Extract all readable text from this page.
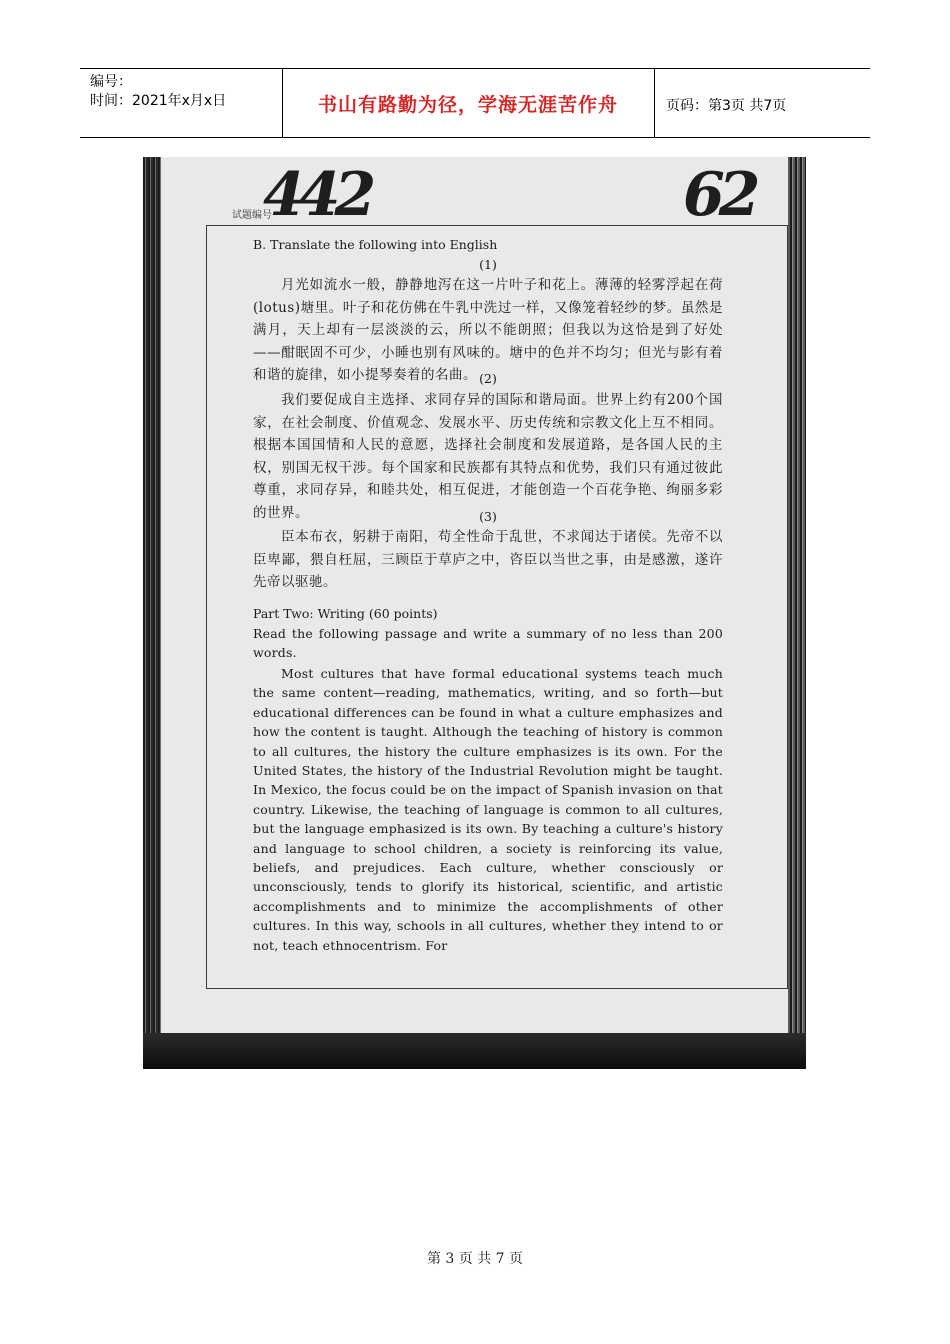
编号：
时间：2021年x月x日	书山有路勤为径，学海无涯苦作舟	页码：第3页 共7页
试题编号
442	62
B. Translate the following into English
(1)
月光如流水一般，静静地泻在这一片叶子和花上。薄薄的轻雾浮起在荷(lotus)塘里。叶子和花仿佛在牛乳中洗过一样，又像笼着轻纱的梦。虽然是满月，天上却有一层淡淡的云，所以不能朗照；但我以为这恰是到了好处——酣眠固不可少，小睡也别有风味的。塘中的色并不均匀；但光与影有着和谐的旋律，如小提琴奏着的名曲。 (2)
我们要促成自主选择、求同存异的国际和谐局面。世界上约有200个国家，在社会制度、价值观念、发展水平、历史传统和宗教文化上互不相同。根据本国国情和人民的意愿，选择社会制度和发展道路，是各国人民的主权，别国无权干涉。每个国家和民族都有其特点和优势，我们只有通过彼此尊重，求同存异，和睦共处，相互促进，才能创造一个百花争艳、绚丽多彩的世界。	(3)
臣本布衣，躬耕于南阳，苟全性命于乱世，不求闻达于诸侯。先帝不以臣卑鄙，猥自枉屈，三顾臣于草庐之中，咨臣以当世之事，由是感激，遂许先帝以驱驰。
Part Two: Writing (60 points)
Read the following passage and write a summary of no less than 200 words.
Most cultures that have formal educational systems teach much the same content—reading, mathematics, writing, and so forth—but educational differences can be found in what a culture emphasizes and how the content is taught. Although the teaching of history is common to all cultures, the history the culture emphasizes is its own. For the United States, the history of the Industrial Revolution might be taught. In Mexico, the focus could be on the impact of Spanish invasion on that country. Likewise, the teaching of language is common to all cultures, but the language emphasized is its own. By teaching a culture's history and language to school children, a society is reinforcing its value, beliefs, and prejudices. Each culture, whether consciously or unconsciously, tends to glorify its historical, scientific, and artistic accomplishments and to minimize the accomplishments of other cultures. In this way, schools in all cultures, whether they intend to or not, teach ethnocentrism. For
第 3 页 共 7 页
